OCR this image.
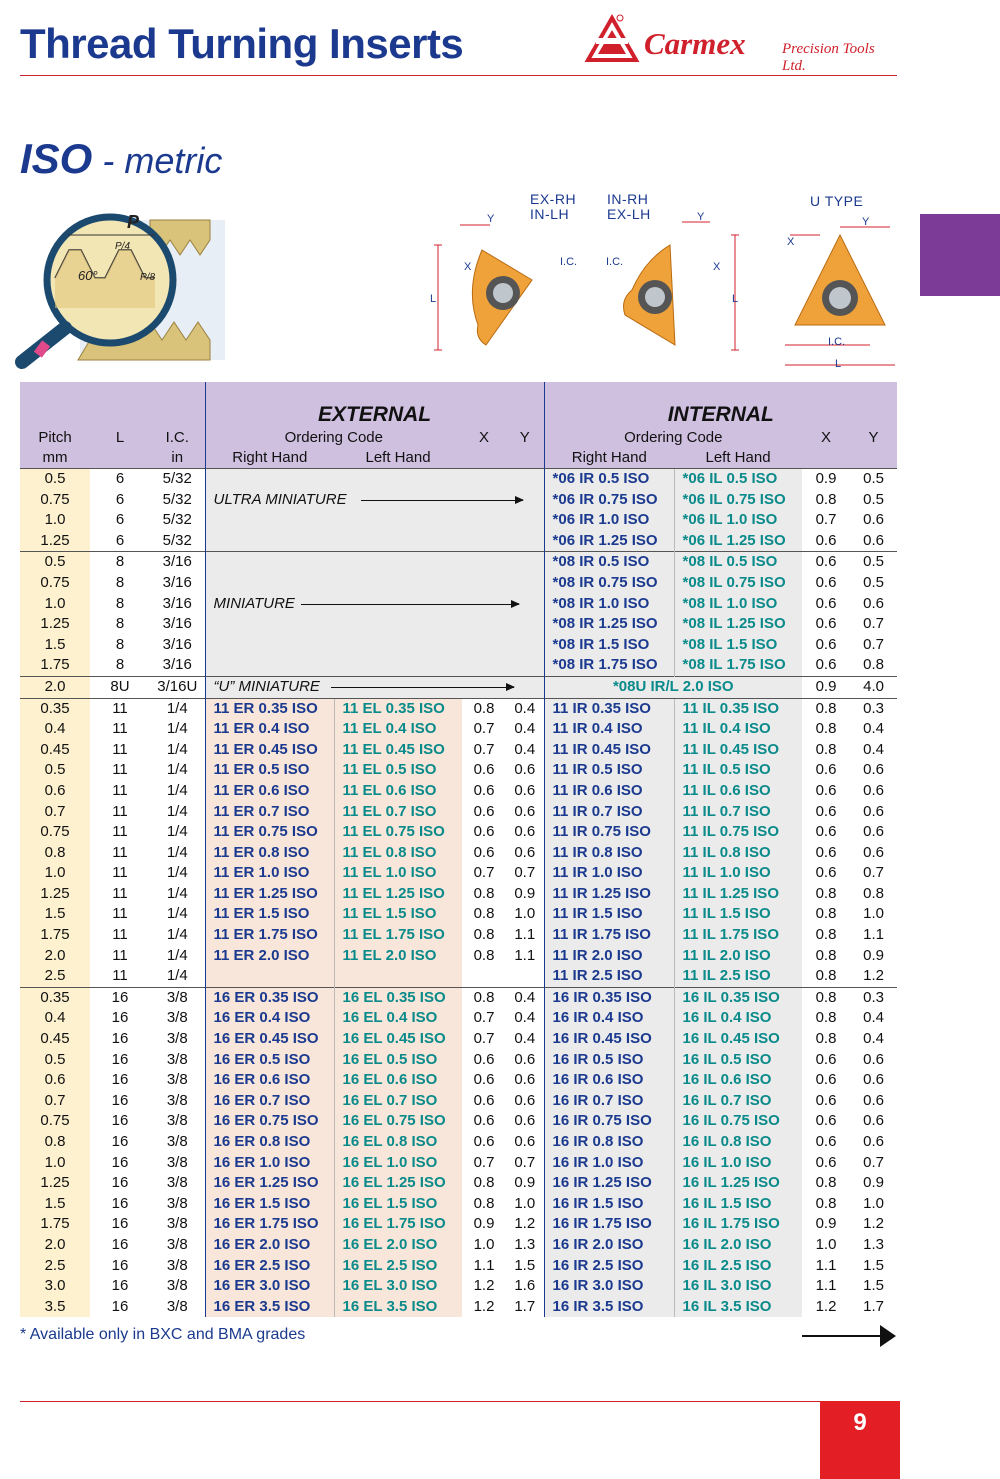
Thread Turning Inserts	Carmex Precision Tools Ltd.
ISO - metric
P
P/4
P/8
60°
EX-RH
IN-LH
IN-RH
EX-LH
U TYPE
Y
X
L
I.C.	I.C.
Y
X
L
X
Y
I.C.
L
			EXTERNAL				INTERNAL			
Pitch	L	I.C.	Ordering Code		X	Y	Ordering Code		X	Y
mm		in	Right Hand	Left Hand			Right Hand	Left Hand		
0.5	6	5/32					*06 IR 0.5 ISO	*06 IL 0.5 ISO	0.9	0.5
0.75	6	5/32	ULTRA MINIATURE				*06 IR 0.75 ISO	*06 IL 0.75 ISO	0.8	0.5
1.0	6	5/32					*06 IR 1.0 ISO	*06 IL 1.0 ISO	0.7	0.6
1.25	6	5/32					*06 IR 1.25 ISO	*06 IL 1.25 ISO	0.6	0.6
0.5	8	3/16					*08 IR 0.5 ISO	*08 IL 0.5 ISO	0.6	0.5
0.75	8	3/16					*08 IR 0.75 ISO	*08 IL 0.75 ISO	0.6	0.5
1.0	8	3/16	MINIATURE				*08 IR 1.0 ISO	*08 IL 1.0 ISO	0.6	0.6
1.25	8	3/16					*08 IR 1.25 ISO	*08 IL 1.25 ISO	0.6	0.7
1.5	8	3/16					*08 IR 1.5 ISO	*08 IL 1.5 ISO	0.6	0.7
1.75	8	3/16					*08 IR 1.75 ISO	*08 IL 1.75 ISO	0.6	0.8
2.0	8U	3/16U	“U” MINIATURE				*08U IR/L 2.0 ISO		0.9	4.0
0.35	11	1/4	11 ER 0.35 ISO	11 EL 0.35 ISO	0.8	0.4	11 IR 0.35 ISO	11 IL 0.35 ISO	0.8	0.3
0.4	11	1/4	11 ER 0.4 ISO	11 EL 0.4 ISO	0.7	0.4	11 IR 0.4 ISO	11 IL 0.4 ISO	0.8	0.4
0.45	11	1/4	11 ER 0.45 ISO	11 EL 0.45 ISO	0.7	0.4	11 IR 0.45 ISO	11 IL 0.45 ISO	0.8	0.4
0.5	11	1/4	11 ER 0.5 ISO	11 EL 0.5 ISO	0.6	0.6	11 IR 0.5 ISO	11 IL 0.5 ISO	0.6	0.6
0.6	11	1/4	11 ER 0.6 ISO	11 EL 0.6 ISO	0.6	0.6	11 IR 0.6 ISO	11 IL 0.6 ISO	0.6	0.6
0.7	11	1/4	11 ER 0.7 ISO	11 EL 0.7 ISO	0.6	0.6	11 IR 0.7 ISO	11 IL 0.7 ISO	0.6	0.6
0.75	11	1/4	11 ER 0.75 ISO	11 EL 0.75 ISO	0.6	0.6	11 IR 0.75 ISO	11 IL 0.75 ISO	0.6	0.6
0.8	11	1/4	11 ER 0.8 ISO	11 EL 0.8 ISO	0.6	0.6	11 IR 0.8 ISO	11 IL 0.8 ISO	0.6	0.6
1.0	11	1/4	11 ER 1.0 ISO	11 EL 1.0 ISO	0.7	0.7	11 IR 1.0 ISO	11 IL 1.0 ISO	0.6	0.7
1.25	11	1/4	11 ER 1.25 ISO	11 EL 1.25 ISO	0.8	0.9	11 IR 1.25 ISO	11 IL 1.25 ISO	0.8	0.8
1.5	11	1/4	11 ER 1.5 ISO	11 EL 1.5 ISO	0.8	1.0	11 IR 1.5 ISO	11 IL 1.5 ISO	0.8	1.0
1.75	11	1/4	11 ER 1.75 ISO	11 EL 1.75 ISO	0.8	1.1	11 IR 1.75 ISO	11 IL 1.75 ISO	0.8	1.1
2.0	11	1/4	11 ER 2.0 ISO	11 EL 2.0 ISO	0.8	1.1	11 IR 2.0 ISO	11 IL 2.0 ISO	0.8	0.9
2.5	11	1/4					11 IR 2.5 ISO	11 IL 2.5 ISO	0.8	1.2
0.35	16	3/8	16 ER 0.35 ISO	16 EL 0.35 ISO	0.8	0.4	16 IR 0.35 ISO	16 IL 0.35 ISO	0.8	0.3
0.4	16	3/8	16 ER 0.4 ISO	16 EL 0.4 ISO	0.7	0.4	16 IR 0.4 ISO	16 IL 0.4 ISO	0.8	0.4
0.45	16	3/8	16 ER 0.45 ISO	16 EL 0.45 ISO	0.7	0.4	16 IR 0.45 ISO	16 IL 0.45 ISO	0.8	0.4
0.5	16	3/8	16 ER 0.5 ISO	16 EL 0.5 ISO	0.6	0.6	16 IR 0.5 ISO	16 IL 0.5 ISO	0.6	0.6
0.6	16	3/8	16 ER 0.6 ISO	16 EL 0.6 ISO	0.6	0.6	16 IR 0.6 ISO	16 IL 0.6 ISO	0.6	0.6
0.7	16	3/8	16 ER 0.7 ISO	16 EL 0.7 ISO	0.6	0.6	16 IR 0.7 ISO	16 IL 0.7 ISO	0.6	0.6
0.75	16	3/8	16 ER 0.75 ISO	16 EL 0.75 ISO	0.6	0.6	16 IR 0.75 ISO	16 IL 0.75 ISO	0.6	0.6
0.8	16	3/8	16 ER 0.8 ISO	16 EL 0.8 ISO	0.6	0.6	16 IR 0.8 ISO	16 IL 0.8 ISO	0.6	0.6
1.0	16	3/8	16 ER 1.0 ISO	16 EL 1.0 ISO	0.7	0.7	16 IR 1.0 ISO	16 IL 1.0 ISO	0.6	0.7
1.25	16	3/8	16 ER 1.25 ISO	16 EL 1.25 ISO	0.8	0.9	16 IR 1.25 ISO	16 IL 1.25 ISO	0.8	0.9
1.5	16	3/8	16 ER 1.5 ISO	16 EL 1.5 ISO	0.8	1.0	16 IR 1.5 ISO	16 IL 1.5 ISO	0.8	1.0
1.75	16	3/8	16 ER 1.75 ISO	16 EL 1.75 ISO	0.9	1.2	16 IR 1.75 ISO	16 IL 1.75 ISO	0.9	1.2
2.0	16	3/8	16 ER 2.0 ISO	16 EL 2.0 ISO	1.0	1.3	16 IR 2.0 ISO	16 IL 2.0 ISO	1.0	1.3
2.5	16	3/8	16 ER 2.5 ISO	16 EL 2.5 ISO	1.1	1.5	16 IR 2.5 ISO	16 IL 2.5 ISO	1.1	1.5
3.0	16	3/8	16 ER 3.0 ISO	16 EL 3.0 ISO	1.2	1.6	16 IR 3.0 ISO	16 IL 3.0 ISO	1.1	1.5
3.5	16	3/8	16 ER 3.5 ISO	16 EL 3.5 ISO	1.2	1.7	16 IR 3.5 ISO	16 IL 3.5 ISO	1.2	1.7
* Available only in BXC and BMA grades
9
